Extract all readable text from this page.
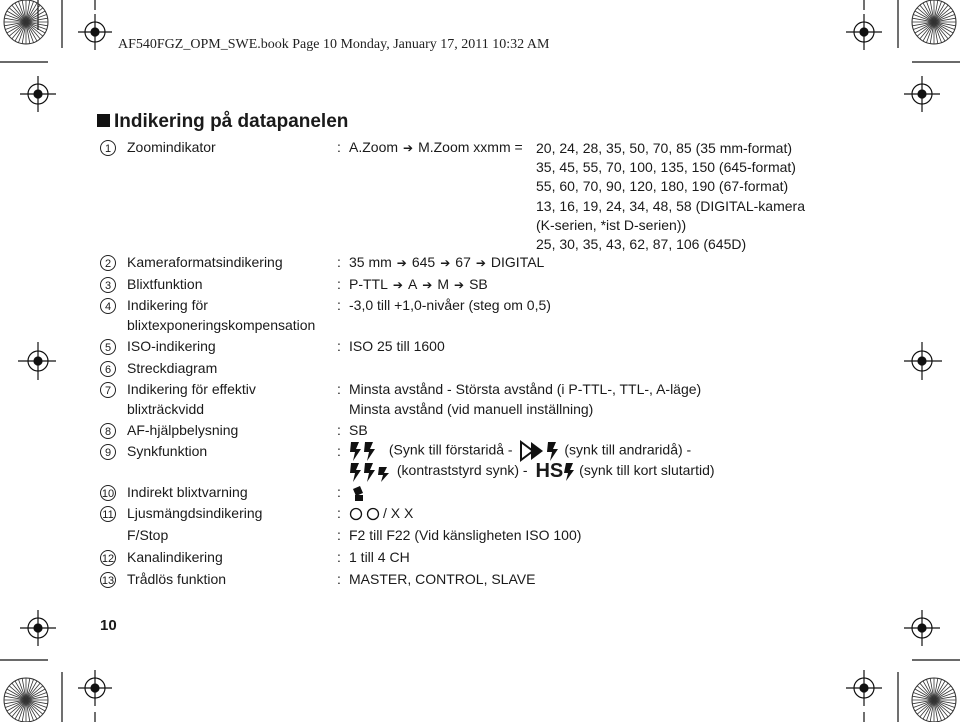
AF540FGZ_OPM_SWE.book Page 10 Monday, January 17, 2011 10:32 AM
Indikering på datapanelen
1	Zoomindikator	: A.Zoom ➔ M.Zoom xxmm = 20, 24, 28, 35, 50, 70, 85 (35 mm-format)
35, 45, 55, 70, 100, 135, 150 (645-format)
55, 60, 70, 90, 120, 180, 190 (67-format)
13, 16, 19, 24, 34, 48, 58 (DIGITAL-kamera
(K-serien, *ist D-serien))
25, 30, 35, 43, 62, 87, 106 (645D)
2	Kameraformatsindikering	: 35 mm ➔ 645 ➔ 67 ➔ DIGITAL
3	Blixtfunktion	: P-TTL ➔ A ➔ M ➔ SB
4	Indikering för
blixtexponeringskompensation
: -3,0 till +1,0-nivåer (steg om 0,5)
5	ISO-indikering	: ISO 25 till 1600
6	Streckdiagram
7	Indikering för effektiv
blixträckvidd
: Minsta avstånd - Största avstånd (i P-TTL-, TTL-, A-läge)
Minsta avstånd (vid manuell inställning)
8	AF-hjälpbelysning	: SB
9	Synkfunktion	:	(Synk till förstaridå -	(synk till andraridå) -
(kontraststyrd synk) - HS (synk till kort slutartid)
10 Indirekt blixtvarning	:
11 Ljusmängdsindikering	:	/ X X
F/Stop	: F2 till F22 (Vid känsligheten ISO 100)
12 Kanalindikering	: 1 till 4 CH
13 Trådlös funktion	: MASTER, CONTROL, SLAVE
10
